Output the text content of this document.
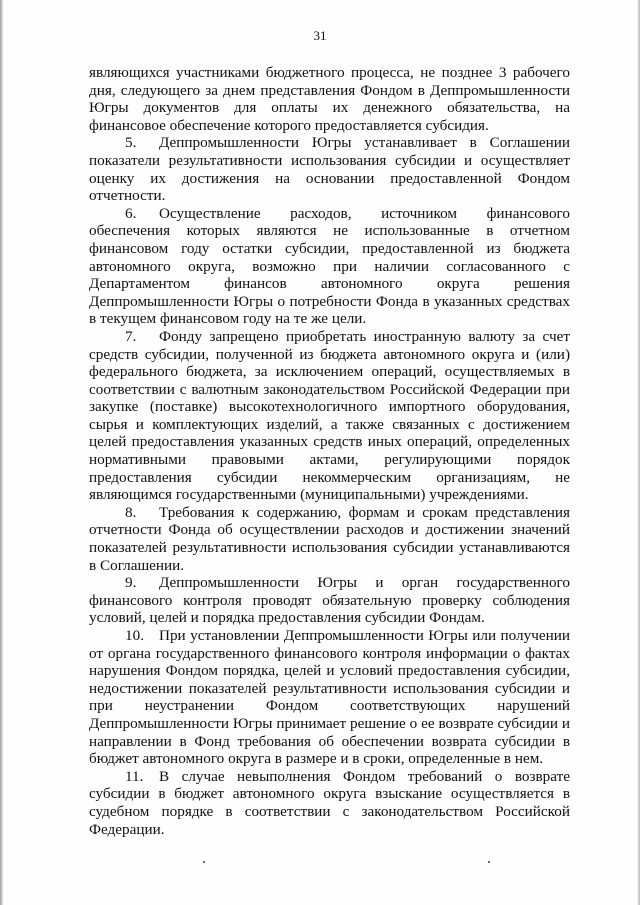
31

являющихся участниками бюджетного процесса, не позднее 3 рабочего дня, следующего за днем представления Фондом в Деппромышленности Югры документов для оплаты их денежного обязательства, на финансовое обеспечение которого предоставляется субсидия.

5. Деппромышленности Югры устанавливает в Соглашении показатели результативности использования субсидии и осуществляет оценку их достижения на основании предоставленной Фондом отчетности.

6. Осуществление расходов, источником финансового обеспечения которых являются не использованные в отчетном финансовом году остатки субсидии, предоставленной из бюджета автономного округа, возможно при наличии согласованного с Департаментом финансов автономного округа решения Деппромышленности Югры о потребности Фонда в указанных средствах в текущем финансовом году на те же цели.

7. Фонду запрещено приобретать иностранную валюту за счет средств субсидии, полученной из бюджета автономного округа и (или) федерального бюджета, за исключением операций, осуществляемых в соответствии с валютным законодательством Российской Федерации при закупке (поставке) высокотехнологичного импортного оборудования, сырья и комплектующих изделий, а также связанных с достижением целей предоставления указанных средств иных операций, определенных нормативными правовыми актами, регулирующими порядок предоставления субсидии некоммерческим организациям, не являющимся государственными (муниципальными) учреждениями.

8. Требования к содержанию, формам и срокам представления отчетности Фонда об осуществлении расходов и достижении значений показателей результативности использования субсидии устанавливаются в Соглашении.

9. Деппромышленности Югры и орган государственного финансового контроля проводят обязательную проверку соблюдения условий, целей и порядка предоставления субсидии Фондам.

10. При установлении Деппромышленности Югры или получении от органа государственного финансового контроля информации о фактах нарушения Фондом порядка, целей и условий предоставления субсидии, недостижении показателей результативности использования субсидии и при неустранении Фондом соответствующих нарушений Деппромышленности Югры принимает решение о ее возврате субсидии и направлении в Фонд требования об обеспечении возврата субсидии в бюджет автономного округа в размере и в сроки, определенные в нем.

11. В случае невыполнения Фондом требований о возврате субсидии в бюджет автономного округа взыскание осуществляется в судебном порядке в соответствии с законодательством Российской Федерации.
